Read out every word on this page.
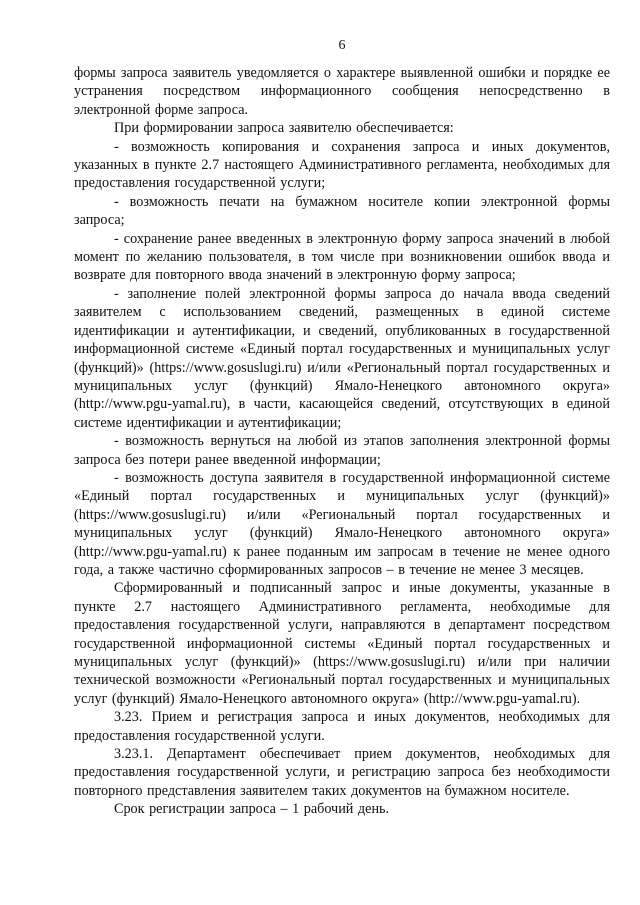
6

формы запроса заявитель уведомляется о характере выявленной ошибки и порядке ее устранения посредством информационного сообщения непосредственно в электронной форме запроса.

При формировании запроса заявителю обеспечивается:

- возможность копирования и сохранения запроса и иных документов, указанных в пункте 2.7 настоящего Административного регламента, необходимых для предоставления государственной услуги;

- возможность печати на бумажном носителе копии электронной формы запроса;

- сохранение ранее введенных в электронную форму запроса значений в любой момент по желанию пользователя, в том числе при возникновении ошибок ввода и возврате для повторного ввода значений в электронную форму запроса;

- заполнение полей электронной формы запроса до начала ввода сведений заявителем с использованием сведений, размещенных в единой системе идентификации и аутентификации, и сведений, опубликованных в государственной информационной системе «Единый портал государственных и муниципальных услуг (функций)» (https://www.gosuslugi.ru) и/или «Региональный портал государственных и муниципальных услуг (функций) Ямало-Ненецкого автономного округа» (http://www.pgu-yamal.ru), в части, касающейся сведений, отсутствующих в единой системе идентификации и аутентификации;

- возможность вернуться на любой из этапов заполнения электронной формы запроса без потери ранее введенной информации;

- возможность доступа заявителя в государственной информационной системе «Единый портал государственных и муниципальных услуг (функций)» (https://www.gosuslugi.ru) и/или «Региональный портал государственных и муниципальных услуг (функций) Ямало-Ненецкого автономного округа» (http://www.pgu-yamal.ru) к ранее поданным им запросам в течение не менее одного года, а также частично сформированных запросов – в течение не менее 3 месяцев.

Сформированный и подписанный запрос и иные документы, указанные в пункте 2.7 настоящего Административного регламента, необходимые для предоставления государственной услуги, направляются в департамент посредством государственной информационной системы «Единый портал государственных и муниципальных услуг (функций)» (https://www.gosuslugi.ru) и/или при наличии технической возможности «Региональный портал государственных и муниципальных услуг (функций) Ямало-Ненецкого автономного округа» (http://www.pgu-yamal.ru).

3.23. Прием и регистрация запроса и иных документов, необходимых для предоставления государственной услуги.

3.23.1. Департамент обеспечивает прием документов, необходимых для предоставления государственной услуги, и регистрацию запроса без необходимости повторного представления заявителем таких документов на бумажном носителе.

Срок регистрации запроса – 1 рабочий день.
